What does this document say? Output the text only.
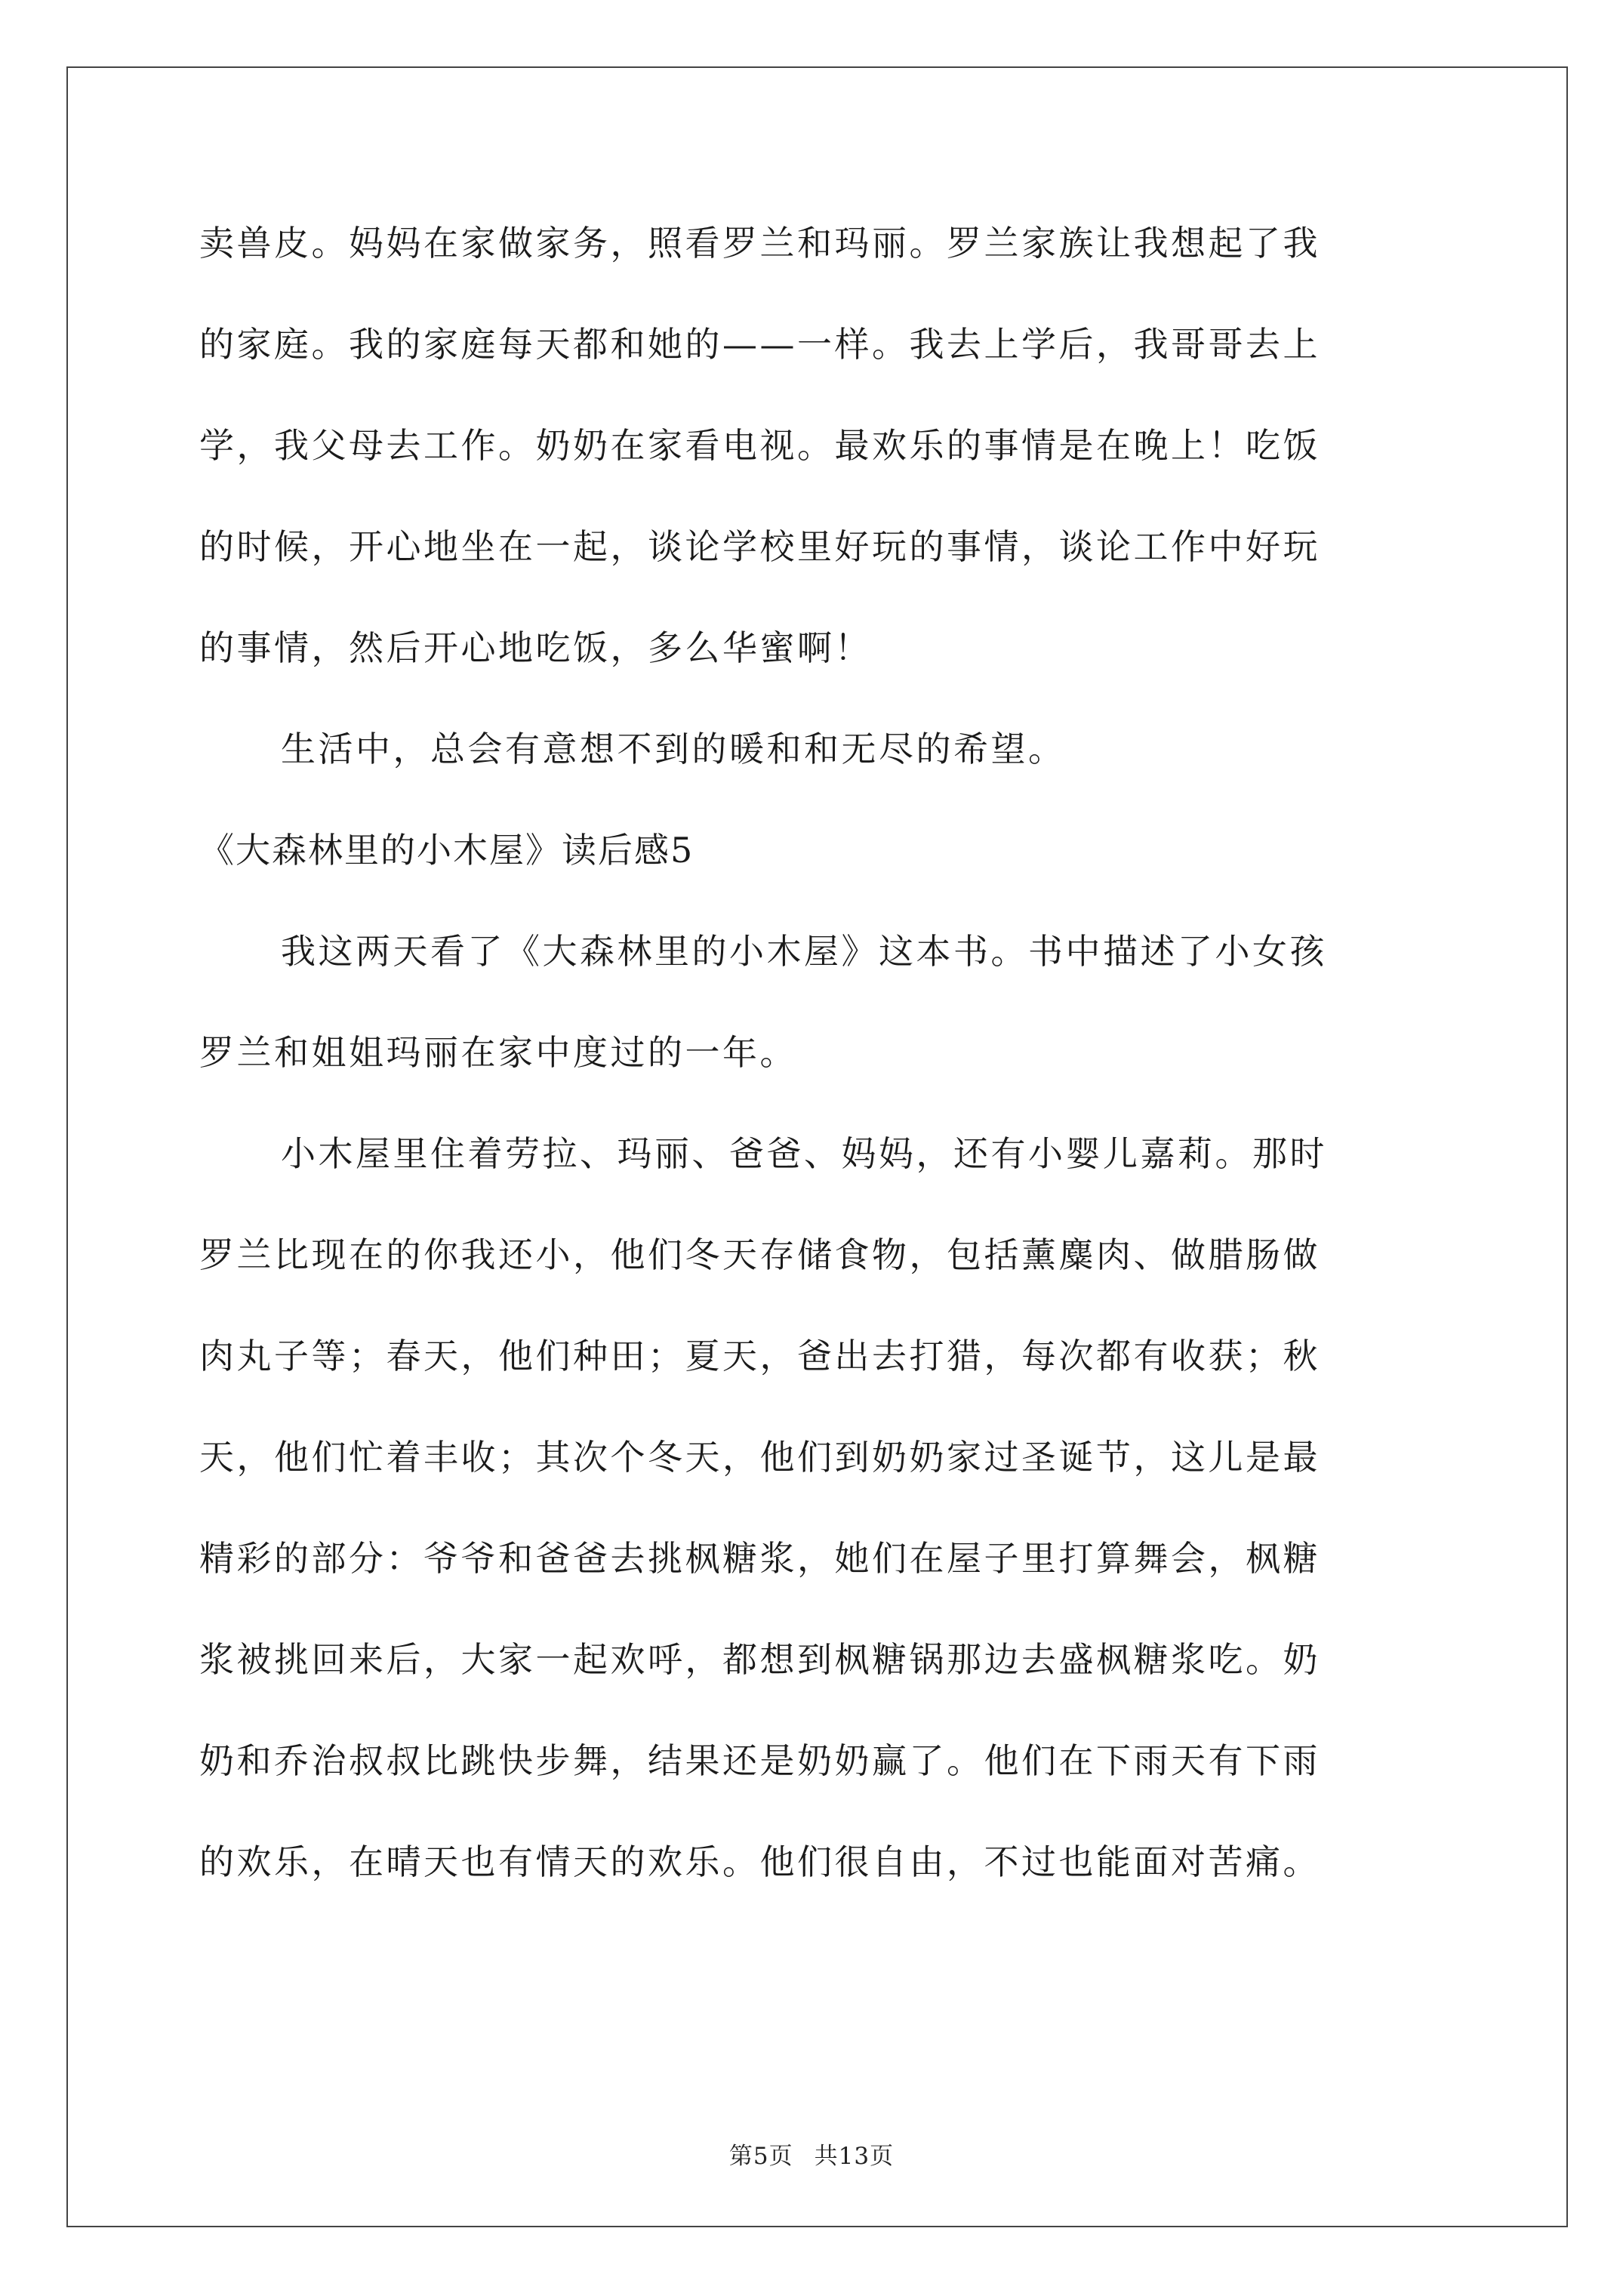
卖兽皮。妈妈在家做家务，照看罗兰和玛丽。罗兰家族让我想起了我
的家庭。我的家庭每天都和她的——一样。我去上学后，我哥哥去上
学，我父母去工作。奶奶在家看电视。最欢乐的事情是在晚上！吃饭
的时候，开心地坐在一起，谈论学校里好玩的事情，谈论工作中好玩
的事情，然后开心地吃饭，多么华蜜啊！
生活中，总会有意想不到的暖和和无尽的希望。
《大森林里的小木屋》读后感5
我这两天看了《大森林里的小木屋》这本书。书中描述了小女孩
罗兰和姐姐玛丽在家中度过的一年。
小木屋里住着劳拉、玛丽、爸爸、妈妈，还有小婴儿嘉莉。那时
罗兰比现在的你我还小，他们冬天存储食物，包括薰麋肉、做腊肠做
肉丸子等；春天，他们种田；夏天，爸出去打猎，每次都有收获；秋
天，他们忙着丰收；其次个冬天，他们到奶奶家过圣诞节，这儿是最
精彩的部分：爷爷和爸爸去挑枫糖浆，她们在屋子里打算舞会，枫糖
浆被挑回来后，大家一起欢呼，都想到枫糖锅那边去盛枫糖浆吃。奶
奶和乔治叔叔比跳快步舞，结果还是奶奶赢了。他们在下雨天有下雨
的欢乐，在晴天也有情天的欢乐。他们很自由，不过也能面对苦痛。
第5页 共13页
